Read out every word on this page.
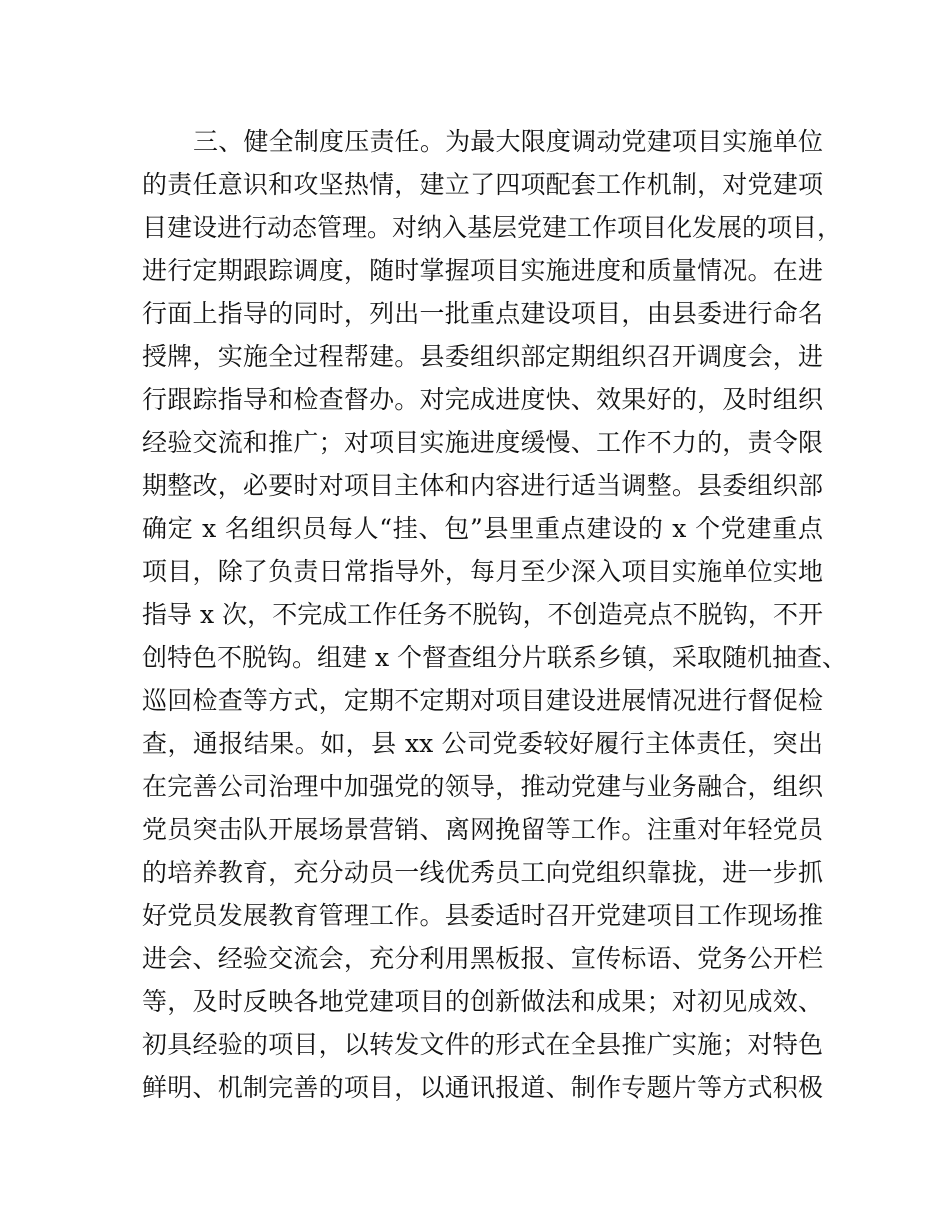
三、健全制度压责任。为最大限度调动党建项目实施单位
的责任意识和攻坚热情，建立了四项配套工作机制，对党建项
目建设进行动态管理。对纳入基层党建工作项目化发展的项目，
进行定期跟踪调度，随时掌握项目实施进度和质量情况。在进
行面上指导的同时，列出一批重点建设项目，由县委进行命名
授牌，实施全过程帮建。县委组织部定期组织召开调度会，进
行跟踪指导和检查督办。对完成进度快、效果好的，及时组织
经验交流和推广；对项目实施进度缓慢、工作不力的，责令限
期整改，必要时对项目主体和内容进行适当调整。县委组织部
确定 x 名组织员每人“挂、包”县里重点建设的 x 个党建重点
项目，除了负责日常指导外，每月至少深入项目实施单位实地
指导 x 次，不完成工作任务不脱钩，不创造亮点不脱钩，不开
创特色不脱钩。组建 x 个督查组分片联系乡镇，采取随机抽查、
巡回检查等方式，定期不定期对项目建设进展情况进行督促检
查，通报结果。如，县 xx 公司党委较好履行主体责任，突出
在完善公司治理中加强党的领导，推动党建与业务融合，组织
党员突击队开展场景营销、离网挽留等工作。注重对年轻党员
的培养教育，充分动员一线优秀员工向党组织靠拢，进一步抓
好党员发展教育管理工作。县委适时召开党建项目工作现场推
进会、经验交流会，充分利用黑板报、宣传标语、党务公开栏
等，及时反映各地党建项目的创新做法和成果；对初见成效、
初具经验的项目，以转发文件的形式在全县推广实施；对特色
鲜明、机制完善的项目，以通讯报道、制作专题片等方式积极
